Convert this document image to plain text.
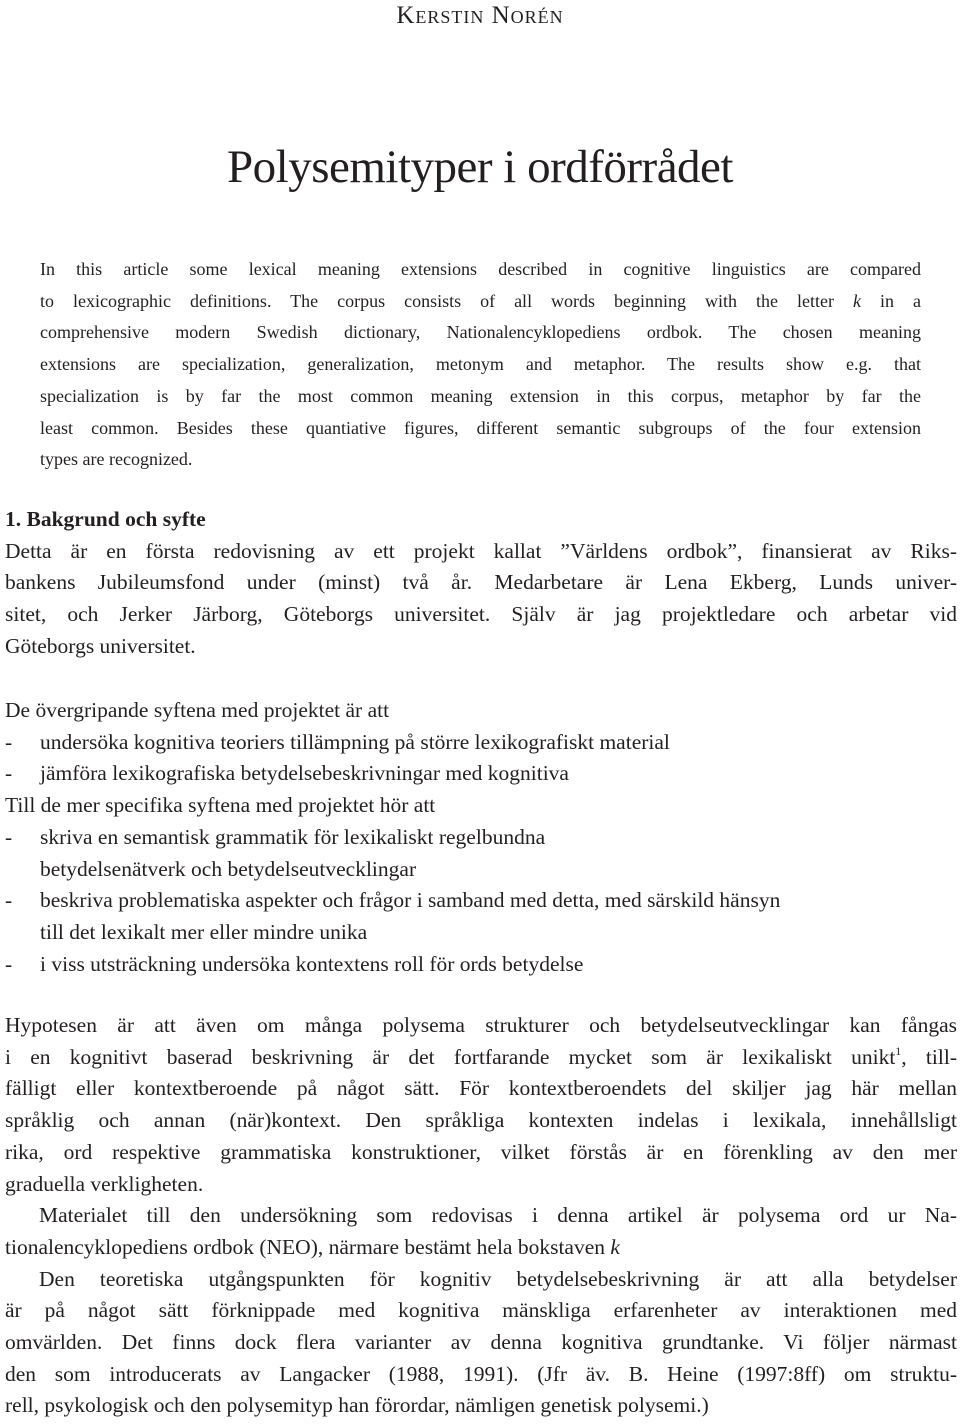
Kerstin Norén
Polysemityper i ordförrådet
In this article some lexical meaning extensions described in cognitive linguistics are compared
to lexicographic definitions. The corpus consists of all words beginning with the letter k in a
comprehensive modern Swedish dictionary, Nationalencyklopediens ordbok. The chosen meaning
extensions are specialization, generalization, metonym and metaphor. The results show e.g. that
specialization is by far the most common meaning extension in this corpus, metaphor by far the
least common. Besides these quantiative figures, different semantic subgroups of the four extension
types are recognized.
1. Bakgrund och syfte
Detta är en första redovisning av ett projekt kallat ”Världens ordbok”, finansierat av Riks-
bankens Jubileumsfond under (minst) två år. Medarbetare är Lena Ekberg, Lunds univer-
sitet, och Jerker Järborg, Göteborgs universitet. Själv är jag projektledare och arbetar vid
Göteborgs universitet.
De övergripande syftena med projektet är att
- undersöka kognitiva teoriers tillämpning på större lexikografiskt material
- jämföra lexikografiska betydelsebeskrivningar med kognitiva
Till de mer specifika syftena med projektet hör att
- skriva en semantisk grammatik för lexikaliskt regelbundna
betydelsenätverk och betydelseutvecklingar
- beskriva problematiska aspekter och frågor i samband med detta, med särskild hänsyn
till det lexikalt mer eller mindre unika
- i viss utsträckning undersöka kontextens roll för ords betydelse
Hypotesen är att även om många polysema strukturer och betydelseutvecklingar kan fångas
i en kognitivt baserad beskrivning är det fortfarande mycket som är lexikaliskt unikt$^1$, till-
fälligt eller kontextberoende på något sätt. För kontextberoendets del skiljer jag här mellan
språklig och annan (när)kontext. Den språkliga kontexten indelas i lexikala, innehållsligt
rika, ord respektive grammatiska konstruktioner, vilket förstås är en förenkling av den mer
graduella verkligheten.
Materialet till den undersökning som redovisas i denna artikel är polysema ord ur Na-
tionalencyklopediens ordbok (NEO), närmare bestämt hela bokstaven k
Den teoretiska utgångspunkten för kognitiv betydelsebeskrivning är att alla betydelser
är på något sätt förknippade med kognitiva mänskliga erfarenheter av interaktionen med
omvärlden. Det finns dock flera varianter av denna kognitiva grundtanke. Vi följer närmast
den som introducerats av Langacker (1988, 1991). (Jfr äv. B. Heine (1997:8ff) om struktu-
rell, psykologisk och den polysemityp han förordar, nämligen genetisk polysemi.)
